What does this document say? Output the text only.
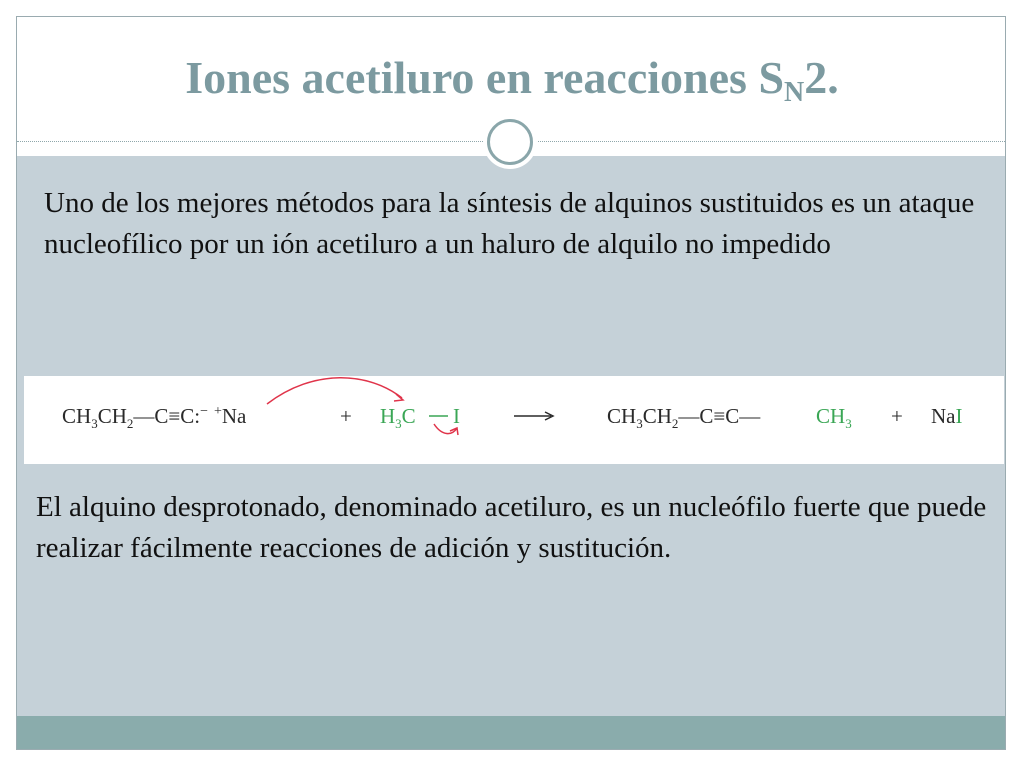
Iones acetiluro en reacciones $S_N2$.

Uno de los mejores métodos para la síntesis de alquinos sustituidos es un ataque nucleofílico por un ión acetiluro a un haluro de alquilo no impedido

$CH_3CH_2—C\equiv C:^- +Na$	+ $H_3C$ I	$CH_3CH_2—C\equiv C—$	$CH_3$ + NaI

El alquino desprotonado, denominado acetiluro, es un nucleófilo fuerte que puede realizar fácilmente reacciones de adición y sustitución.
